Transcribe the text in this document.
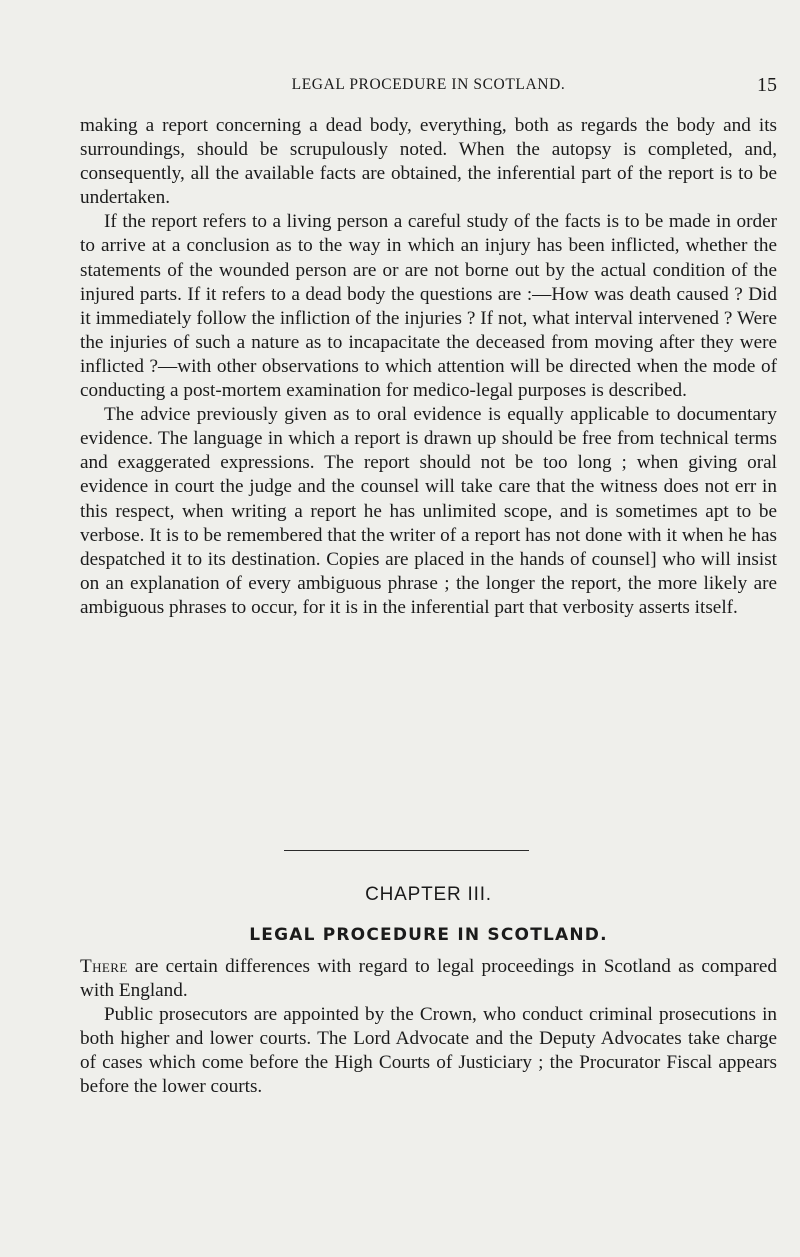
LEGAL PROCEDURE IN SCOTLAND.	15

making a report concerning a dead body, everything, both as regards the body and its surroundings, should be scrupulously noted. When the autopsy is completed, and, consequently, all the available facts are obtained, the inferential part of the report is to be undertaken.

If the report refers to a living person a careful study of the facts is to be made in order to arrive at a conclusion as to the way in which an injury has been inflicted, whether the statements of the wounded person are or are not borne out by the actual condition of the injured parts. If it refers to a dead body the questions are :—How was death caused ? Did it immediately follow the infliction of the injuries ? If not, what interval intervened ? Were the injuries of such a nature as to incapacitate the deceased from moving after they were inflicted ?—with other observations to which attention will be directed when the mode of conducting a post-mortem examination for medico-legal purposes is described.

The advice previously given as to oral evidence is equally applicable to documentary evidence. The language in which a report is drawn up should be free from technical terms and exaggerated expressions. The report should not be too long ; when giving oral evidence in court the judge and the counsel will take care that the witness does not err in this respect, when writing a report he has unlimited scope, and is sometimes apt to be verbose. It is to be remembered that the writer of a report has not done with it when he has despatched it to its destination. Copies are placed in the hands of counsel] who will insist on an explanation of every ambiguous phrase ; the longer the report, the more likely are ambiguous phrases to occur, for it is in the inferential part that verbosity asserts itself.

CHAPTER III.
LEGAL PROCEDURE IN SCOTLAND.

There are certain differences with regard to legal proceedings in Scotland as compared with England.

Public prosecutors are appointed by the Crown, who conduct criminal prosecutions in both higher and lower courts. The Lord Advocate and the Deputy Advocates take charge of cases which come before the High Courts of Justiciary ; the Procurator Fiscal appears before the lower courts.
